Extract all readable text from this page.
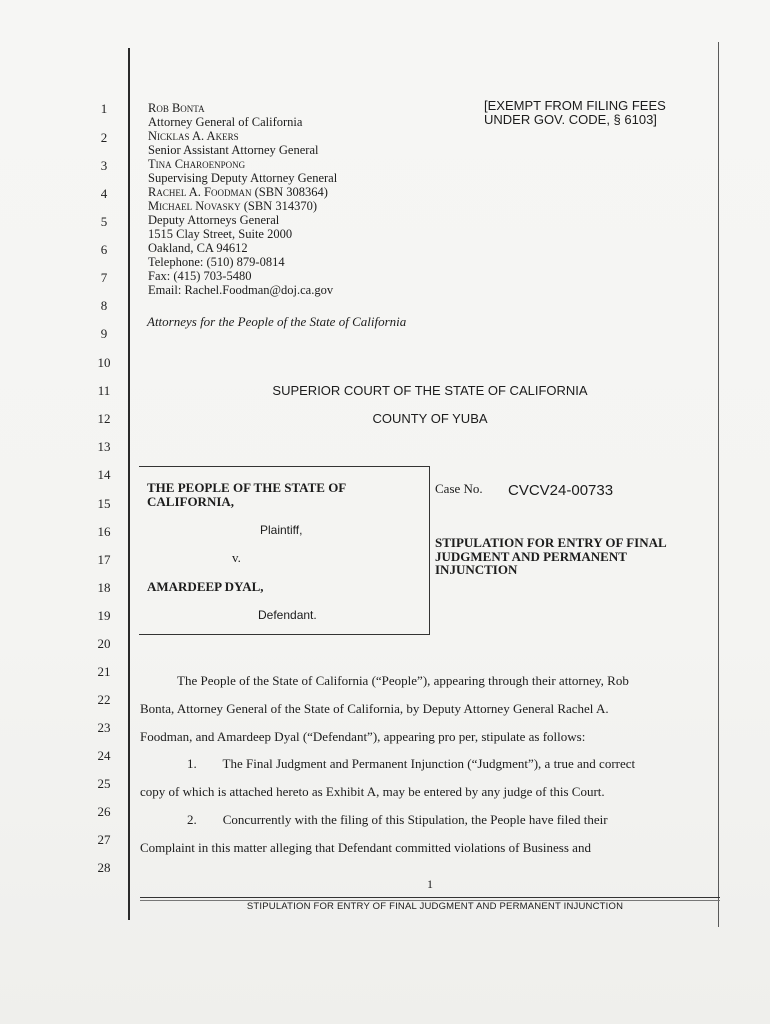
1
2
3
4
5
6
7
8
9
10
11
12
13
14
15
16
17
18
19
20
21
22
23
24
25
26
27
28
Rob Bonta
Attorney General of California
Nicklas A. Akers
Senior Assistant Attorney General
Tina Charoenpong
Supervising Deputy Attorney General
Rachel A. Foodman (SBN 308364)
Michael Novasky (SBN 314370)
Deputy Attorneys General
1515 Clay Street, Suite 2000
Oakland, CA 94612
Telephone: (510) 879-0814
Fax: (415) 703-5480
Email: Rachel.Foodman@doj.ca.gov
[EXEMPT FROM FILING FEES UNDER GOV. CODE, § 6103]
Attorneys for the People of the State of California
SUPERIOR COURT OF THE STATE OF CALIFORNIA
COUNTY OF YUBA
THE PEOPLE OF THE STATE OF CALIFORNIA,
Plaintiff,
v.
AMARDEEP DYAL,
Defendant.
Case No. CVCV24-00733
STIPULATION FOR ENTRY OF FINAL JUDGMENT AND PERMANENT INJUNCTION
The People of the State of California (“People”), appearing through their attorney, Rob
Bonta, Attorney General of the State of California, by Deputy Attorney General Rachel A.
Foodman, and Amardeep Dyal (“Defendant”), appearing pro per, stipulate as follows:
1.        The Final Judgment and Permanent Injunction (“Judgment”), a true and correct
copy of which is attached hereto as Exhibit A, may be entered by any judge of this Court.
2.        Concurrently with the filing of this Stipulation, the People have filed their
Complaint in this matter alleging that Defendant committed violations of Business and
1
STIPULATION FOR ENTRY OF FINAL JUDGMENT AND PERMANENT INJUNCTION
